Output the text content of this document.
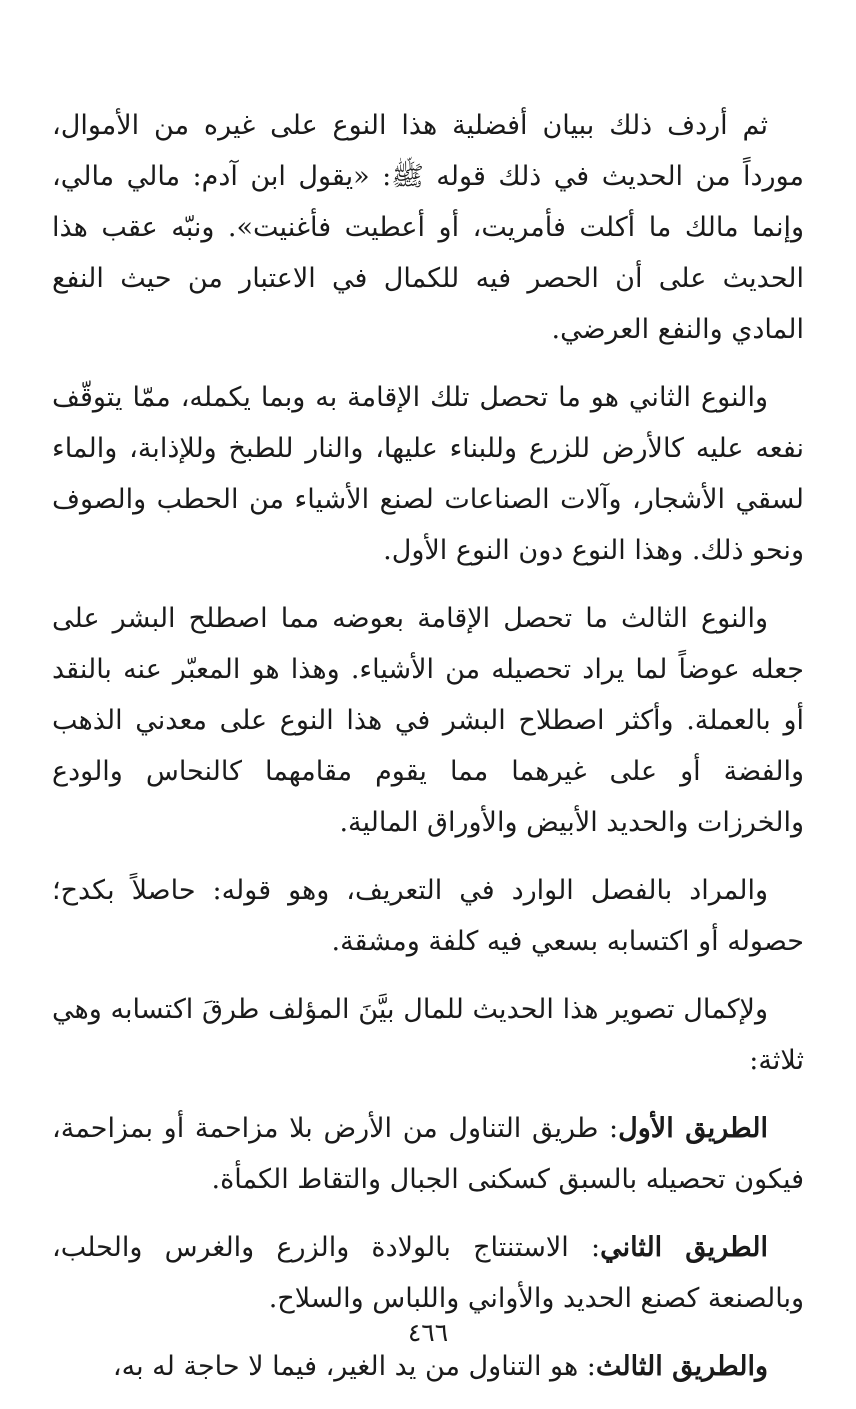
ثم أردف ذلك ببيان أفضلية هذا النوع على غيره من الأموال، مورداً من الحديث في ذلك قوله ﷺ: «يقول ابن آدم: مالي مالي، وإنما مالك ما أكلت فأمريت، أو أعطيت فأغنيت». ونبّه عقب هذا الحديث على أن الحصر فيه للكمال في الاعتبار من حيث النفع المادي والنفع العرضي.

والنوع الثاني هو ما تحصل تلك الإقامة به وبما يكمله، ممّا يتوقّف نفعه عليه كالأرض للزرع وللبناء عليها، والنار للطبخ وللإذابة، والماء لسقي الأشجار، وآلات الصناعات لصنع الأشياء من الحطب والصوف ونحو ذلك. وهذا النوع دون النوع الأول.

والنوع الثالث ما تحصل الإقامة بعوضه مما اصطلح البشر على جعله عوضاً لما يراد تحصيله من الأشياء. وهذا هو المعبّر عنه بالنقد أو بالعملة. وأكثر اصطلاح البشر في هذا النوع على معدني الذهب والفضة أو على غيرهما مما يقوم مقامهما كالنحاس والودع والخرزات والحديد الأبيض والأوراق المالية.

والمراد بالفصل الوارد في التعريف، وهو قوله: حاصلاً بكدح؛ حصوله أو اكتسابه بسعي فيه كلفة ومشقة.

ولإكمال تصوير هذا الحديث للمال بيَّنَ المؤلف طرقَ اكتسابه وهي ثلاثة:

الطريق الأول: طريق التناول من الأرض بلا مزاحمة أو بمزاحمة، فيكون تحصيله بالسبق كسكنى الجبال والتقاط الكمأة.

الطريق الثاني: الاستنتاج بالولادة والزرع والغرس والحلب، وبالصنعة كصنع الحديد والأواني واللباس والسلاح.

والطريق الثالث: هو التناول من يد الغير، فيما لا حاجة له به،

٤٦٦
